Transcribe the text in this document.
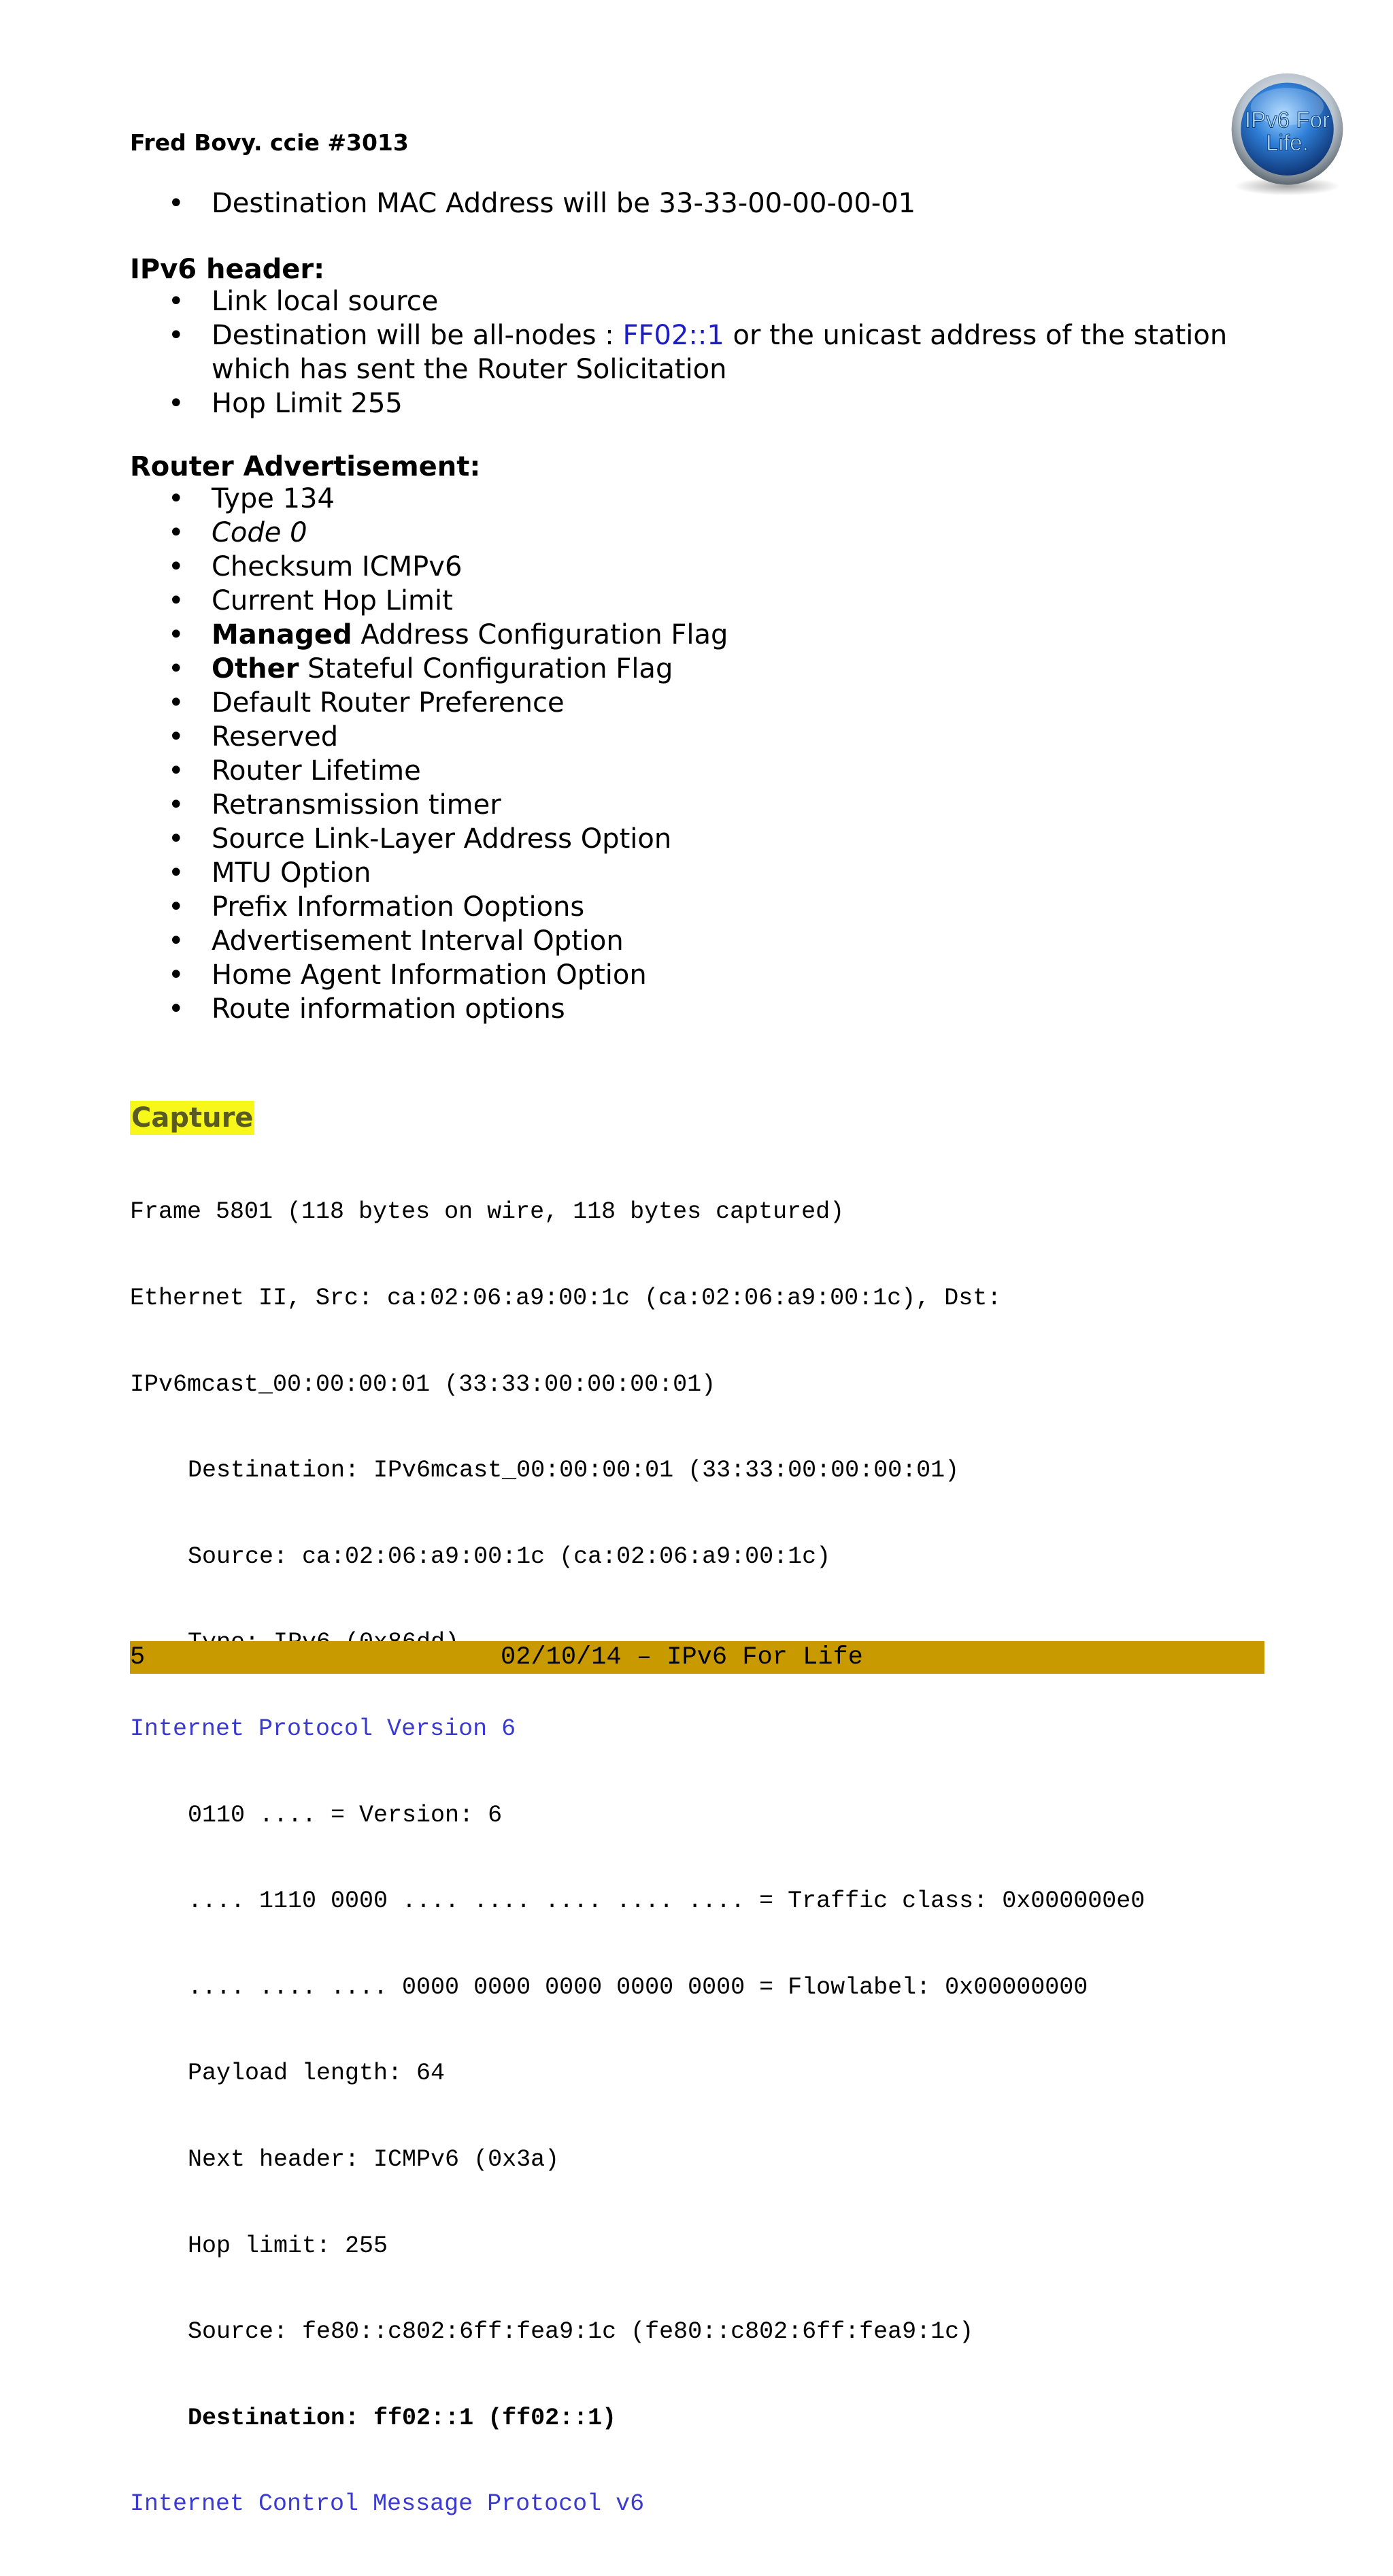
Fred Bovy. ccie #3013
IPv6 For
Life.
• Destination MAC Address will be 33-33-00-00-00-01
IPv6 header:
• Link local source
• Destination will be all-nodes : FF02::1 or the unicast address of the station which has sent the Router Solicitation
• Hop Limit 255
Router Advertisement:
• Type 134
• Code 0
• Checksum ICMPv6
• Current Hop Limit
• Managed Address Configuration Flag
• Other Stateful Configuration Flag
• Default Router Preference
• Reserved
• Router Lifetime
• Retransmission timer
• Source Link-Layer Address Option
• MTU Option
• Prefix Information Ooptions
• Advertisement Interval Option
• Home Agent Information Option
• Route information options
Capture

Frame 5801 (118 bytes on wire, 118 bytes captured)

Ethernet II, Src: ca:02:06:a9:00:1c (ca:02:06:a9:00:1c), Dst:

IPv6mcast_00:00:00:01 (33:33:00:00:00:01)

Destination: IPv6mcast_00:00:00:01 (33:33:00:00:00:01)

Source: ca:02:06:a9:00:1c (ca:02:06:a9:00:1c)

Internet Protocol Version 6

0110 .... = Version: 6

.... 1110 0000 .... .... .... .... .... = Traffic class: 0x000000e0

.... .... .... 0000 0000 0000 0000 0000 = Flowlabel: 0x00000000

Payload length: 64

Next header: ICMPv6 (0x3a)

Hop limit: 255

Source: fe80::c802:6ff:fea9:1c (fe80::c802:6ff:fea9:1c)

Destination: ff02::1 (ff02::1)

Internet Control Message Protocol v6

5	02/10/14 – IPv6 For Life
